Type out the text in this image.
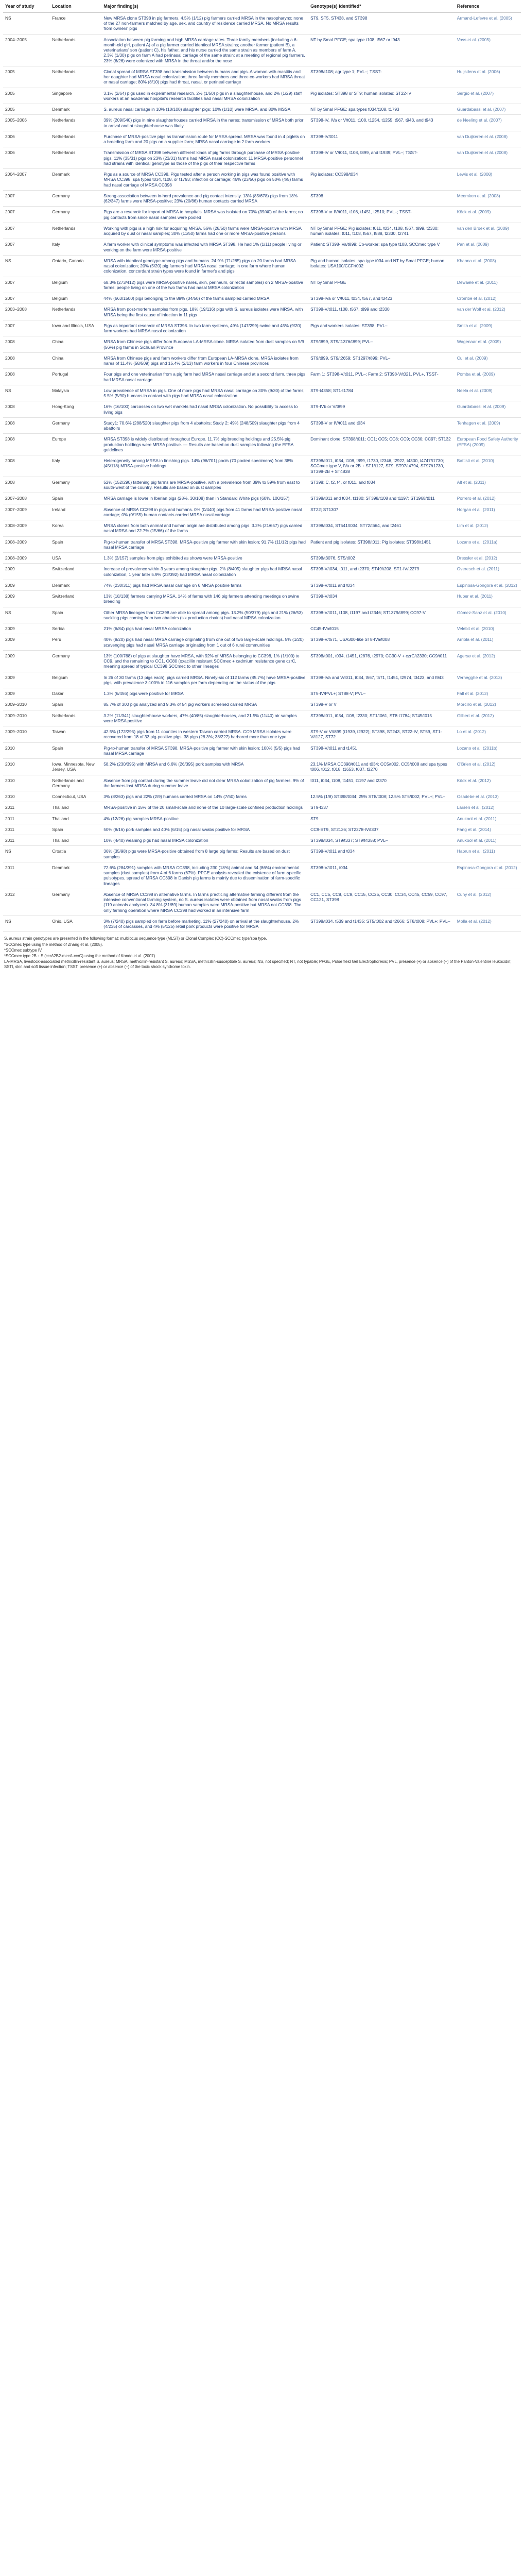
Year of study	Location	Major finding(s)	Genotype(s) identified*	Reference
NS	France	New MRSA clone ST398 in pig farmers. 4.5% (1/12) pig farmers carried MRSA in the nasopharynx; none of the 27 non-farmers matched by age, sex, and country of residence carried MRSA. No MRSA results from owners' pigs	ST9, ST5, ST438, and ST398	Armand-Lefevre et al. (2005)
2004–2005	Netherlands	Association between pig farming and high MRSA carriage rates. Three family members (including a 6-month-old girl, patient A) of a pig farmer carried identical MRSA strains; another farmer (patient B), a veterinarians' son (patient C), his father, and his nurse carried the same strain as members of farm A. 2.3% (1/30) pigs on farm A had perinasal carriage of the same strain; at a meeting of regional pig farmers, 23% (6/26) were colonized with MRSA in the throat and/or the nose	NT by SmaI PFGE; spa type t108, t567 or t943	Voss et al. (2005)
2005	Netherlands	Clonal spread of MRSA ST398 and transmission between humans and pigs. A woman with mastitis and her daughter had MRSA nasal colonization; three family members and three co-workers had MRSA throat or nasal carriage; 80% (8/10) pigs had throat, nasal, or perineal carriage	ST398/t108; agr type 1; PVL–; TSST-	Huijsdens et al. (2006)
2005	Singapore	3.1% (2/64) pigs used in experimental research, 2% (1/50) pigs in a slaughterhouse, and 2% (1/29) staff workers at an academic hospital's research facilities had nasal MRSA colonization	Pig isolates: ST398 or ST9; human isolates: ST22-IV	Sergio et al. (2007)
2005	Denmark	S. aureus nasal carriage in 10% (10/100) slaughter pigs; 10% (1/10) were MRSA, and 80% MSSA	NT by SmaI PFGE; spa types t034/t108, t1793	Guardabassi et al. (2007)
2005–2006	Netherlands	39% (209/540) pigs in nine slaughterhouses carried MRSA in the nares; transmission of MRSA both prior to arrival and at slaughterhouse was likely	ST398-IV, IVa or V/t011, t108, t1254, t1255, t567, t943, and t943	de Neeling et al. (2007)
2006	Netherlands	Purchase of MRSA-positive pigs as transmission route for MRSA spread. MRSA was found in 4 piglets on a breeding farm and 20 pigs on a supplier farm; MRSA nasal carriage in 2 farm workers	ST398-IV/t011	van Duijkeren et al. (2008)
2006	Netherlands	Transmission of MRSA ST398 between different kinds of pig farms through purchase of MRSA-positive pigs. 11% (35/31) pigs on 23% (23/31) farms had MRSA nasal colonization; 11 MRSA-positive personnel had strains with identical genotype as those of the pigs of their respective farms	ST398-IV or V/t011, t108, t899, and t1939; PVL–; TSST-	van Duijkeren et al. (2008)
2004–2007	Denmark	Pigs as a source of MRSA CC398. Pigs tested after a person working in pigs was found positive with MRSA CC398, spa types t034, t108, or t1793; infection or carriage; 46% (23/50) pigs on 50% (4/5) farms had nasal carriage of MRSA CC398	Pig isolates: CC398/t034	Lewis et al. (2008)
2007	Germany	Strong association between in-herd prevalence and pig contact intensity. 13% (85/678) pigs from 18% (62/347) farms were MRSA-positive; 23% (20/86) human contacts carried MRSA	ST398	Meemken et al. (2008)
2007	Germany	Pigs are a reservoir for import of MRSA to hospitals. MRSA was isolated on 70% (39/40) of the farms; no pig contacts from since nasal samples were pooled	ST398-V or IV/t011, t108, t1451, t2510; PVL–; TSST-	Köck et al. (2009)
2007	Netherlands	Working with pigs is a high risk for acquiring MRSA. 56% (28/50) farms were MRSA-positive with MRSA acquired by dust or nasal samples; 30% (11/50) farms had one or more MRSA-positive persons	NT by SmaI PFGE; Pig isolates: t011, t034, t108, t567, t899, t2330; human isolates: t011, t108, t567, t588, t2330, t2741	van den Broek et al. (2009)
2007	Italy	A farm worker with clinical symptoms was infected with MRSA ST398. He had 1% (1/11) people living or working on the farm were MRSA-positive	Patient: ST398-IVa/t899; Co-worker: spa type t108, SCCmec type V	Pan et al. (2009)
NS	Ontario, Canada	MRSA with identical genotype among pigs and humans. 24.9% (71/285) pigs on 20 farms had MRSA nasal colonization; 20% (5/20) pig farmers had MRSA nasal carriage; in one farm where human colonization, concordant strain types were found in farmer's and pigs	Pig and human isolates: spa type t034 and NT by SmaI PFGE; human isolates: USA100/CCFrt002	Khanna et al. (2008)
2007	Belgium	68.3% (273/412) pigs were MRSA-positive nares, skin, perineum, or rectal samples) on 2 MRSA-positive farms; people living on one of the two farms had nasal MRSA colonization	NT by SmaI PFGE	Dewaele et al. (2011)
2007	Belgium	44% (663/1500) pigs belonging to the 89% (34/50) of the farms sampled carried MRSA	ST398-IVa or V/t011, t034, t567, and t3423	Crombé et al. (2012)
2003–2008	Netherlands	MRSA from post-mortem samples from pigs. 18% (19/116) pigs with S. aureus isolates were MRSA, with MRSA being the first cause of infection in 11 pigs	ST398-V/t011, t108, t567, t899 and t2330	van der Wolf et al. (2012)
2007	Iowa and Illinois, USA	Pigs as important reservoir of MRSA ST398. In two farm systems, 49% (147/299) swine and 45% (9/20) farm workers had MRSA nasal colonization	Pigs and workers isolates: ST398; PVL–	Smith et al. (2009)
2008	China	MRSA from Chinese pigs differ from European LA-MRSA clone. MRSA isolated from dust samples on 5/9 (56%) pig farms in Sichuan Province	ST9/t899, ST9/t1376/t899; PVL–	Wagenaar et al. (2009)
2008	China	MRSA from Chinese pigs and farm workers differ from European LA-MRSA clone. MRSA isolates from nares of 11.4% (58/509) pigs and 15.4% (2/13) farm workers in four Chinese provinces	ST9/t899, ST9/t2659; ST1297/t899; PVL–	Cui et al. (2009)
2008	Portugal	Four pigs and one veterinarian from a pig farm had MRSA nasal carriage and at a second farm, three pigs had MRSA nasal carriage	Farm 1: ST398-V/t011, PVL–; Farm 2: ST398-V/t021, PVL+, TSST-	Pomba et al. (2009)
NS	Malaysia	Low prevalence of MRSA in pigs. One of more pigs had MRSA nasal carriage on 30% (9/30) of the farms; 5.5% (5/90) humans in contact with pigs had MRSA nasal colonization	ST9-t4358; ST1-t1784	Neela et al. (2009)
2008	Hong-Kong	16% (16/100) carcasses on two wet markets had nasal MRSA colonization. No possibility to access to living pigs	ST9-IVb or V/t899	Guardabassi et al. (2009)
2008	Germany	Study1: 70.6% (288/520) slaughter pigs from 4 abattoirs; Study 2: 49% (248/509) slaughter pigs from 4 abattoirs	ST398-V or IV/t011 and t034	Tenhagen et al. (2009)
2008	Europe	MRSA ST398 is widely distributed throughout Europe. 11.7% pig breeding holdings and 25.5% pig production holdings were MRSA positive. — Results are based on dust samples following the EFSA guidelines	Dominant clone: ST398/t011; CC1; CC5; CC8; CC9; CC30; CC97; ST132	European Food Safety Authority (EFSA) (2009)
2008	Italy	Heterogeneity among MRSA in finishing pigs. 14% (96/701) pools (70 pooled specimens) from 38% (45/118) MRSA-positive holdings	ST398/t011, t034, t108, t899, t1730, t2346, t2922, t4300, t4747/t1730; SCCmec type V, IVa or 2B + ST1/t127, ST9, ST97/t4794, ST97/t1730, ST398-2B + ST4838	Battisti et al. (2010)
2008	Germany	52% (152/290) fattening pig farms are MRSA-positive, with a prevalence from 39% to 59% from east to south-west of the country. Results are based on dust samples	ST398; C, t2, t4, or t011, and t034	Alt et al. (2011)
2007–2008	Spain	MRSA carriage is lower in Iberian pigs (28%, 30/108) than in Standard White pigs (60%, 100/157)	ST398/t011 and t034, t1180; ST398/t108 and t1197; ST1968/t011	Porrero et al. (2012)
2007–2009	Ireland	Absence of MRSA CC398 in pigs and humans. 0% (0/440) pigs from 41 farms had MRSA-positive nasal carriage; 0% (0/155) human contacts carried MRSA nasal carriage	ST22; ST1307	Horgan et al. (2011)
2008–2009	Korea	MRSA clones from both animal and human origin are distributed among pigs. 3.2% (21/657) pigs carried nasal MRSA and 22.7% (15/66) of the farms	ST398/t034, ST541/t034; ST72/t664, and t2461	Lim et al. (2012)
2008–2009	Spain	Pig-to-human transfer of MRSA ST398. MRSA-positive pig farmer with skin lesion; 91.7% (11/12) pigs had nasal MRSA carriage	Patient and pig isolates: ST398/t011; Pig isolates: ST398/t1451	Lozano et al. (2011a)
2008–2009	USA	1.3% (2/157) samples from pigs exhibited as shows were MRSA-positive	ST398/t3076, ST5/t002	Dressler et al. (2012)
2009	Switzerland	Increase of prevalence within 3 years among slaughter pigs. 2% (8/405) slaughter pigs had MRSA nasal colonization, 1 year later 5.9% (23/392) had MRSA nasal colonization	ST398-V/t034, t011, and t2370; ST49/t208, ST1-IV/t2279	Overesch et al. (2011)
2009	Denmark	74% (230/311) pigs had MRSA nasal carriage on 6 MRSA positive farms	ST398-V/t011 and t034	Espinosa-Gongora et al. (2012)
2009	Switzerland	13% (18/138) farmers carrying MRSA, 14% of farms with 146 pig farmers attending meetings on swine breeding	ST398-V/t034	Huber et al. (2011)
NS	Spain	Other MRSA lineages than CC398 are able to spread among pigs. 13.2% (50/379) pigs and 21% (26/53) suckling pigs coming from two abattoirs (six production chains) had nasal MRSA colonization	ST398-V/t011, t108, t1197 and t2346; ST1379/t899; CC97-V	Gómez-Sanz et al. (2010)
2009	Serbia	21% (6/84) pigs had nasal MRSA colonization	CC45-IVa/t015	Velebit et al. (2010)
2009	Peru	40% (8/20) pigs had nasal MRSA carriage originating from one out of two large-scale holdings. 5% (1/20) scavenging pigs had nasal MRSA carriage originating from 1 out of 6 rural communities	ST398-V/t571, USA300-like ST8-IVa/t008	Arriola et al. (2011)
2009	Germany	13% (100/768) of pigs at slaughter have MRSA, with 92% of MRSA belonging to CC398, 1% (1/100) to CC9, and the remaining to CC1, CC80 (oxacillin resistant SCCmec + cadmium resistance gene czrC, meaning spread of typical CC398 SCCmec to other lineages	ST398/t001, t034, t1451, t2876, t2970; CC30-V + czrC/t2330; CC9/t011	Agersø et al. (2012)
2009	Belgium	In 26 of 30 farms (13 pigs each), pigs carried MRSA. Ninety-six of 112 farms (85.7%) have MRSA-positive pigs, with prevalence 3-100% in 116 samples per farm depending on the status of the pigs	ST398-IVa and V/t011, t034, t567, t571, t1451, t2974, t3423, and t943	Verhegghe et al. (2013)
2009	Dakar	1.3% (6/456) pigs were positive for MRSA	ST5-IV/PVL+; ST88-V; PVL–	Fall et al. (2012)
2009–2010	Spain	85.7% of 300 pigs analyzed and 9.3% of 54 pig workers screened carried MRSA	ST398-V or V	Morcillo et al. (2012)
2009–2010	Netherlands	3.2% (11/341) slaughterhouse workers, 47% (40/85) slaughterhouses, and 21.5% (11/40) air samples were MRSA positive	ST398/t011, t034, t108, t2330; ST1/t061, ST8-t1784; ST45/t015	Gilbert et al. (2012)
2009–2010	Taiwan	42.5% (172/295) pigs from 11 counties in western Taiwan carried MRSA. CC9 MRSA isolates were recovered from 18 of 33 pig-positive pigs. 38 pigs (28.3%; 38/227) harbored more than one type	ST9-V or V/t899 (t1939, t2922); ST398, ST243, ST22-IV, ST59, ST1-V/t127, ST72	Lo et al. (2012)
2010	Spain	Pig-to-human transfer of MRSA ST398. MRSA-positive pig farmer with skin lesion; 100% (5/5) pigs had nasal MRSA carriage	ST398-V/t011 and t1451	Lozano et al. (2011b)
2010	Iowa, Minnesota, New Jersey, USA	58.2% (230/395) with MRSA and 6.6% (26/395) pork samples with MRSA	23.1% MRSA CC398/t011 and t034; CC5/t002, CC5/t008 and spa types t006, t012, t018, t1653, t037, t2270	O'Brien et al. (2012)
2010	Netherlands and Germany	Absence from pig contact during the summer leave did not clear MRSA colonization of pig farmers. 9% of the farmers lost MRSA during summer leave	t011, t034, t108, t1451, t1197 and t2370	Köck et al. (2012)
2010	Connecticut, USA	3% (8/263) pigs and 22% (2/9) humans carried MRSA on 14% (7/50) farms	12.5% (1/8) ST398/t034; 25% ST8/t008; 12.5% ST5/t002; PVL+; PVL–	Osadebe et al. (2013)
2011	Thailand	MRSA-positive in 15% of the 20 small-scale and none of the 10 large-scale confined production holdings	ST9-t337	Larsen et al. (2012)
2011	Thailand	4% (12/26) pig samples MRSA-positive	ST9	Anukool et al. (2011)
2011	Spain	50% (8/16) pork samples and 40% (6/15) pig nasal swabs positive for MRSA	CC9-ST9, ST2136; ST2278-IV/t337	Fang et al. (2014)
2011	Thailand	10% (4/40) weaning pigs had nasal MRSA colonization	ST398/t034, ST9/t337; ST9/t4358; PVL–	Anukool et al. (2011)
NS	Croatia	36% (35/98) pigs were MRSA-positive obtained from 8 large pig farms; Results are based on dust samples	ST398-V/t011 and t034	Habrun et al. (2011)
2011	Denmark	72.6% (284/391) samples with MRSA CC398, including 230 (18%) animal and 54 (86%) environmental samples (dust samples) from 4 of 6 farms (67%). PFGE analysis revealed the existence of farm-specific pulsotypes, spread of MRSA CC398 in Danish pig farms is mainly due to dissemination of farm-specific lineages	ST398-V/t011, t034	Espinosa-Gongora et al. (2012)
2012	Germany	Absence of MRSA CC398 in alternative farms. In farms practicing alternative farming different from the intensive conventional farming system, no S. aureus isolates were obtained from nasal swabs from pigs (119 animals analyzed). 34.8% (31/89) human samples were MRSA-positive but MRSA not CC398. The only farming operation where MRSA CC398 had worked in an intensive farm	CC1, CC5, CC8, CC9, CC15, CC25, CC30, CC34, CC45, CC59, CC97, CC121, ST398	Cuny et al. (2012)
NS	Ohio, USA	3% (7/240) pigs sampled on farm before marketing, 11% (27/240) on arrival at the slaughterhouse, 2% (4/235) of carcasses, and 4% (5/125) retail pork products were positive for MRSA	ST398/t034, t539 and t1435; ST5/t002 and t2666; ST8/t008; PVL+; PVL–	Molla et al. (2012)
S. aureus strain genotypes are presented in the following format: multilocus sequence type (MLST) or Clonal Complex (CC)-SCCmec type/spa type.
*SCCmec type using the method of Zhang et al. (2005).
*SCCmec subtype IV.
*SCCmec type 2B + 5 (ccrA2B2-mecA-ccrC) using the method of Kondo et al. (2007).
LA-MRSA, livestock-associated methicillin-resistant S. aureus; MRSA, methicillin-resistant S. aureus; MSSA, methicillin-susceptible S. aureus; NS, not specified; NT, not typable; PFGE, Pulse field Gel Electrophoresis; PVL, presence (+) or absence (–) of the Panton-Valentine leukocidin; SSTI, skin and soft tissue infection; TSST, presence (+) or absence (–) of the toxic shock syndrome toxin.
